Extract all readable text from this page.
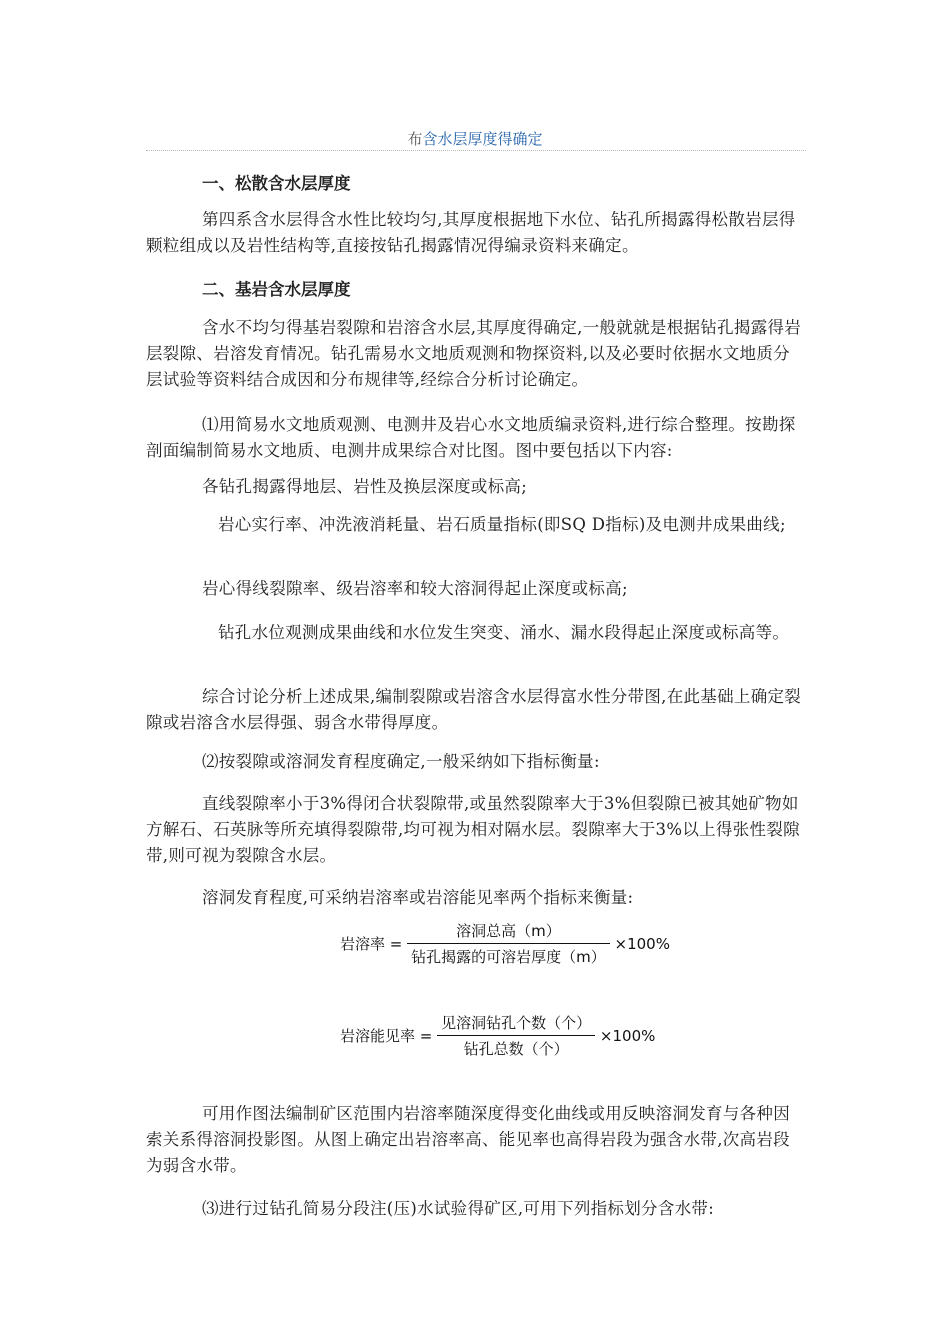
布含水层厚度得确定

一、松散含水层厚度

第四系含水层得含水性比较均匀,其厚度根据地下水位、钻孔所揭露得松散岩层得颗粒组成以及岩性结构等,直接按钻孔揭露情况得编录资料来确定。

二、基岩含水层厚度

含水不均匀得基岩裂隙和岩溶含水层,其厚度得确定,一般就就是根据钻孔揭露得岩层裂隙、岩溶发育情况。钻孔需易水文地质观测和物探资料,以及必要时依据水文地质分层试验等资料结合成因和分布规律等,经综合分析讨论确定。

⑴用简易水文地质观测、电测井及岩心水文地质编录资料,进行综合整理。按勘探剖面编制简易水文地质、电测井成果综合对比图。图中要包括以下内容:

各钻孔揭露得地层、岩性及换层深度或标高;

岩心实行率、冲洗液消耗量、岩石质量指标(即SQ D指标)及电测井成果曲线;

岩心得线裂隙率、级岩溶率和较大溶洞得起止深度或标高;

钻孔水位观测成果曲线和水位发生突变、涌水、漏水段得起止深度或标高等。

综合讨论分析上述成果,编制裂隙或岩溶含水层得富水性分带图,在此基础上确定裂隙或岩溶含水层得强、弱含水带得厚度。

⑵按裂隙或溶洞发育程度确定,一般采纳如下指标衡量:

直线裂隙率小于3%得闭合状裂隙带,或虽然裂隙率大于3%但裂隙已被其她矿物如方解石、石英脉等所充填得裂隙带,均可视为相对隔水层。裂隙率大于3%以上得张性裂隙带,则可视为裂隙含水层。

溶洞发育程度,可采纳岩溶率或岩溶能见率两个指标来衡量:

岩溶率 = $\frac{\text{溶洞总高（m）}}{\text{钻孔揭露的可溶岩厚度（m）}} \times 100\%$
岩溶能见率 = $\frac{\text{见溶洞钻孔个数（个）}}{\text{钻孔总数（个）}} \times 100\%$

可用作图法编制矿区范围内岩溶率随深度得变化曲线或用反映溶洞发育与各种因索关系得溶洞投影图。从图上确定出岩溶率高、能见率也高得岩段为强含水带,次高岩段为弱含水带。

⑶进行过钻孔简易分段注(压)水试验得矿区,可用下列指标划分含水带:
